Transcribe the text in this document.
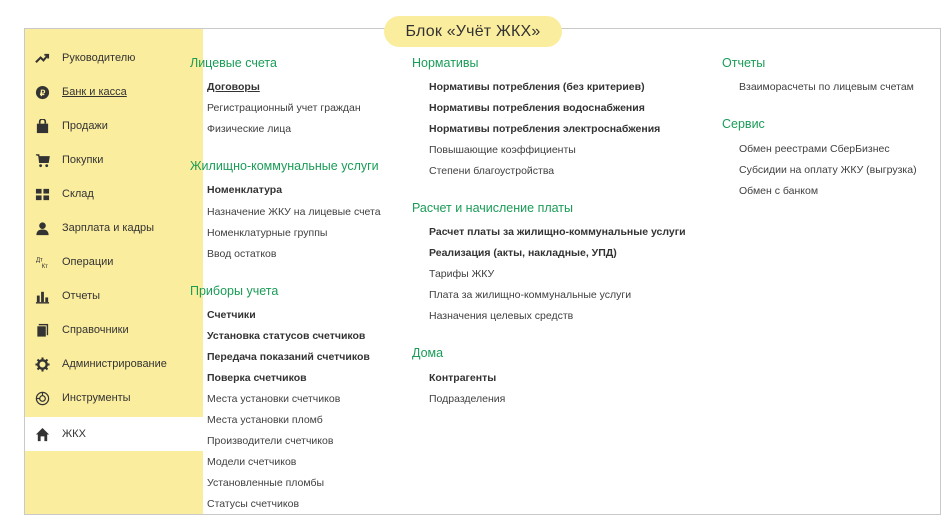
Блок «Учёт ЖКХ»
Руководителю
₽ Банк и касса
Продажи
Покупки
Склад
Зарплата и кадры
Дт
Кт Операции
Отчеты
Справочники
Администрирование
Инструменты
ЖКХ
Лицевые счета
Договоры
Регистрационный учет граждан
Физические лица
Жилищно-коммунальные услуги
Номенклатура
Назначение ЖКУ на лицевые счета
Номенклатурные группы
Ввод остатков
Приборы учета
Счетчики
Установка статусов счетчиков
Передача показаний счетчиков
Поверка счетчиков
Места установки счетчиков
Места установки пломб
Производители счетчиков
Модели счетчиков
Установленные пломбы
Статусы счетчиков
Нормативы
Нормативы потребления (без критериев)
Нормативы потребления водоснабжения
Нормативы потребления электроснабжения
Повышающие коэффициенты
Степени благоустройства
Расчет и начисление платы
Расчет платы за жилищно-коммунальные услуги
Реализация (акты, накладные, УПД)
Тарифы ЖКУ
Плата за жилищно-коммунальные услуги
Назначения целевых средств
Дома
Контрагенты
Подразделения
Отчеты
Взаиморасчеты по лицевым счетам
Сервис
Обмен реестрами СберБизнес
Субсидии на оплату ЖКУ (выгрузка)
Обмен с банком
